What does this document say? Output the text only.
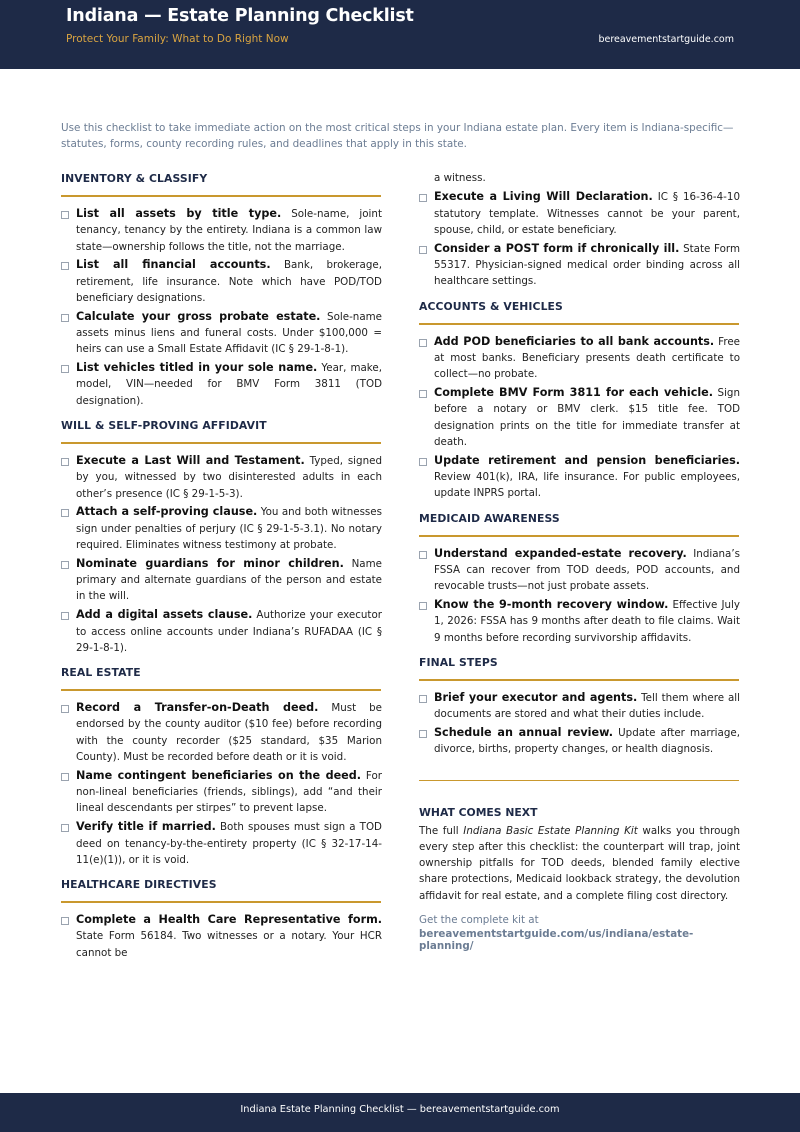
Indiana — Estate Planning Checklist
Protect Your Family: What to Do Right Now	bereavementstartguide.com
Use this checklist to take immediate action on the most critical steps in your Indiana estate plan. Every item is Indiana-specific—statutes, forms, county recording rules, and deadlines that apply in this state.
INVENTORY & CLASSIFY
List all assets by title type. Sole-name, joint tenancy, tenancy by the entirety. Indiana is a common law state—ownership follows the title, not the marriage.
List all financial accounts. Bank, brokerage, retirement, life insurance. Note which have POD/TOD beneficiary designations.
Calculate your gross probate estate. Sole-name assets minus liens and funeral costs. Under $100,000 = heirs can use a Small Estate Affidavit (IC § 29-1-8-1).
List vehicles titled in your sole name. Year, make, model, VIN—needed for BMV Form 3811 (TOD designation).
WILL & SELF-PROVING AFFIDAVIT
Execute a Last Will and Testament. Typed, signed by you, witnessed by two disinterested adults in each other’s presence (IC § 29-1-5-3).
Attach a self-proving clause. You and both witnesses sign under penalties of perjury (IC § 29-1-5-3.1). No notary required. Eliminates witness testimony at probate.
Nominate guardians for minor children. Name primary and alternate guardians of the person and estate in the will.
Add a digital assets clause. Authorize your executor to access online accounts under Indiana’s RUFADAA (IC § 29-1-8-1).
REAL ESTATE
Record a Transfer-on-Death deed. Must be endorsed by the county auditor ($10 fee) before recording with the county recorder ($25 standard, $35 Marion County). Must be recorded before death or it is void.
Name contingent beneficiaries on the deed. For non-lineal beneficiaries (friends, siblings), add “and their lineal descendants per stirpes” to prevent lapse.
Verify title if married. Both spouses must sign a TOD deed on tenancy-by-the-entirety property (IC § 32-17-14-11(e)(1)), or it is void.
HEALTHCARE DIRECTIVES
Complete a Health Care Representative form. State Form 56184. Two witnesses or a notary. Your HCR cannot be
a witness.
Execute a Living Will Declaration. IC § 16-36-4-10 statutory template. Witnesses cannot be your parent, spouse, child, or estate beneficiary.
Consider a POST form if chronically ill. State Form 55317. Physician-signed medical order binding across all healthcare settings.
ACCOUNTS & VEHICLES
Add POD beneficiaries to all bank accounts. Free at most banks. Beneficiary presents death certificate to collect—no probate.
Complete BMV Form 3811 for each vehicle. Sign before a notary or BMV clerk. $15 title fee. TOD designation prints on the title for immediate transfer at death.
Update retirement and pension beneficiaries. Review 401(k), IRA, life insurance. For public employees, update INPRS portal.
MEDICAID AWARENESS
Understand expanded-estate recovery. Indiana’s FSSA can recover from TOD deeds, POD accounts, and revocable trusts—not just probate assets.
Know the 9-month recovery window. Effective July 1, 2026: FSSA has 9 months after death to file claims. Wait 9 months before recording survivorship affidavits.
FINAL STEPS
Brief your executor and agents. Tell them where all documents are stored and what their duties include.
Schedule an annual review. Update after marriage, divorce, births, property changes, or health diagnosis.
WHAT COMES NEXT
The full Indiana Basic Estate Planning Kit walks you through every step after this checklist: the counterpart will trap, joint ownership pitfalls for TOD deeds, blended family elective share protections, Medicaid lookback strategy, the devolution affidavit for real estate, and a complete filing cost directory.
Get the complete kit at
bereavementstartguide.com/us/indiana/estate-planning/
Indiana Estate Planning Checklist — bereavementstartguide.com
